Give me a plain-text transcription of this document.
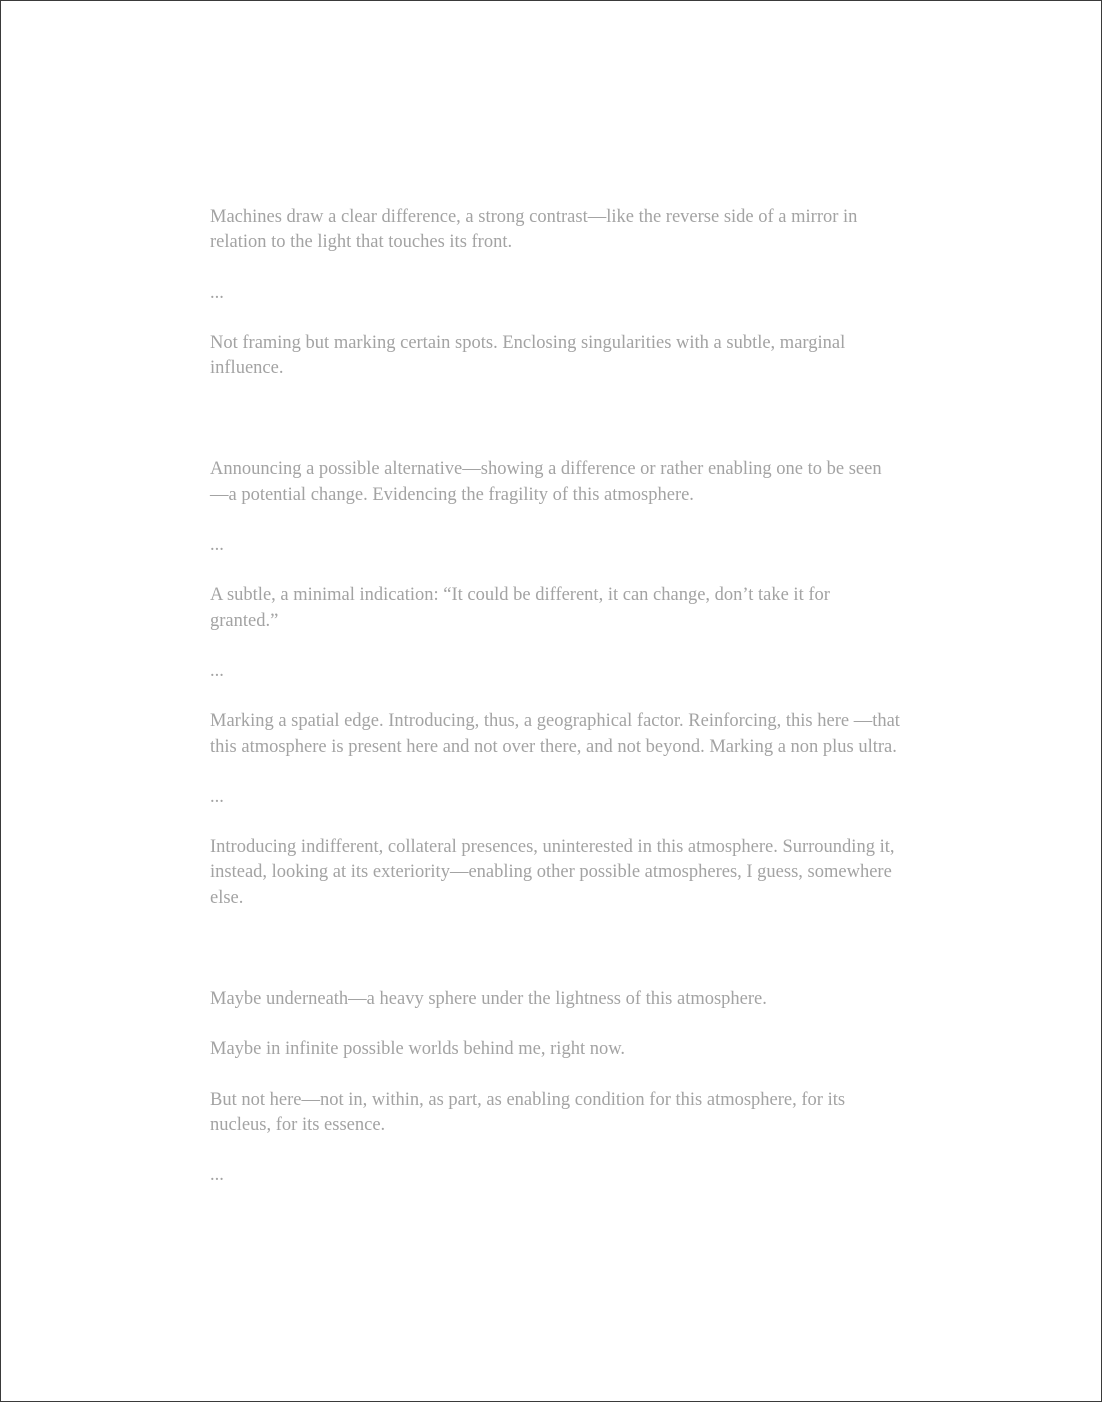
Machines draw a clear difference, a strong contrast—like the reverse side of a mirror in relation to the light that touches its front.

...

Not framing but marking certain spots. Enclosing singularities with a subtle, marginal influence.

Announcing a possible alternative—showing a difference or rather enabling one to be seen—a potential change. Evidencing the fragility of this atmosphere.

...

A subtle, a minimal indication: “It could be different, it can change, don’t take it for granted.”

...

Marking a spatial edge. Introducing, thus, a geographical factor. Reinforcing, this here —that this atmosphere is present here and not over there, and not beyond. Marking a non plus ultra.

...

Introducing indifferent, collateral presences, uninterested in this atmosphere. Surrounding it, instead, looking at its exteriority—enabling other possible atmospheres, I guess, somewhere else.

Maybe underneath—a heavy sphere under the lightness of this atmosphere.

Maybe in infinite possible worlds behind me, right now.

But not here—not in, within, as part, as enabling condition for this atmosphere, for its nucleus, for its essence.

...
